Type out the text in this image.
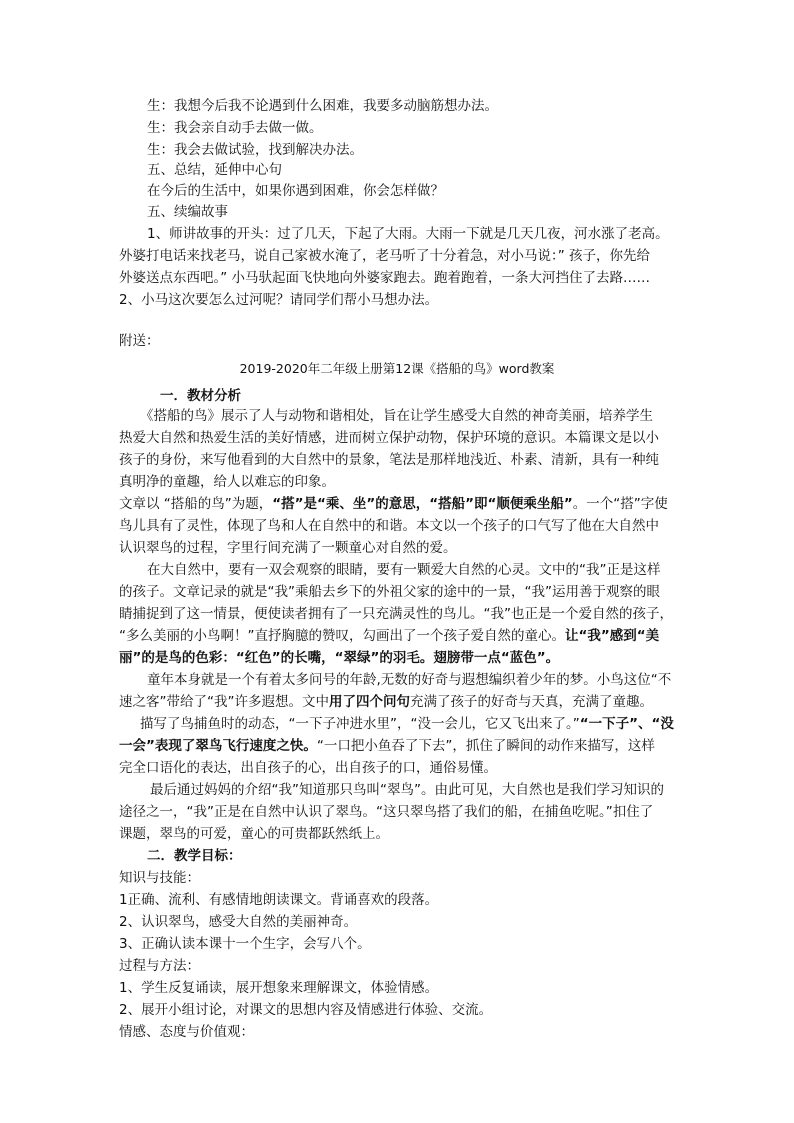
生：我想今后我不论遇到什么困难，我要多动脑筋想办法。
生：我会亲自动手去做一做。
生：我会去做试验，找到解决办法。
五、总结，延伸中心句
在今后的生活中，如果你遇到困难，你会怎样做？
五、续编故事
1、师讲故事的开头：过了几天，下起了大雨。大雨一下就是几天几夜，河水涨了老高。
外婆打电话来找老马，说自己家被水淹了，老马听了十分着急，对小马说：” 孩子，你先给
外婆送点东西吧。” 小马驮起面飞快地向外婆家跑去。跑着跑着，一条大河挡住了去路……
2、小马这次要怎么过河呢？请同学们帮小马想办法。
附送：
2019-2020年二年级上册第12课《搭船的鸟》word教案
一．教材分析
《搭船的鸟》展示了人与动物和谐相处，旨在让学生感受大自然的神奇美丽，培养学生
热爱大自然和热爱生活的美好情感，进而树立保护动物，保护环境的意识。本篇课文是以小
孩子的身份，来写他看到的大自然中的景象，笔法是那样地浅近、朴素、清新，具有一种纯
真明净的童趣，给人以难忘的印象。
文章以 “搭船的鸟”为题，“搭”是“乘、坐”的意思，“搭船”即“顺便乘坐船”。一个“搭”字使
鸟儿具有了灵性，体现了鸟和人在自然中的和谐。本文以一个孩子的口气写了他在大自然中
认识翠鸟的过程，字里行间充满了一颗童心对自然的爱。
在大自然中，要有一双会观察的眼睛，要有一颗爱大自然的心灵。文中的“我”正是这样
的孩子。文章记录的就是“我”乘船去乡下的外祖父家的途中的一景，“我”运用善于观察的眼
睛捕捉到了这一情景，便使读者拥有了一只充满灵性的鸟儿。“我”也正是一个爱自然的孩子，
“多么美丽的小鸟啊！”直抒胸臆的赞叹，勾画出了一个孩子爱自然的童心。让“我”感到“美
丽”的是鸟的色彩：“红色”的长嘴，“翠绿”的羽毛。翅膀带一点“蓝色”。
童年本身就是一个有着太多问号的年龄,无数的好奇与遐想编织着少年的梦。小鸟这位“不
速之客”带给了“我”许多遐想。文中用了四个问句充满了孩子的好奇与天真，充满了童趣。
描写了鸟捕鱼时的动态，“一下子冲进水里”，“没一会儿，它又飞出来了。”“一下子”、“没
一会”表现了翠鸟飞行速度之快。“一口把小鱼吞了下去”，抓住了瞬间的动作来描写，这样
完全口语化的表达，出自孩子的心，出自孩子的口，通俗易懂。
最后通过妈妈的介绍“我”知道那只鸟叫“翠鸟”。由此可见，大自然也是我们学习知识的
途径之一，“我”正是在自然中认识了翠鸟。“这只翠鸟搭了我们的船，在捕鱼吃呢。”扣住了
课题，翠鸟的可爱，童心的可贵都跃然纸上。
二．教学目标：
知识与技能：
1正确、流利、有感情地朗读课文。背诵喜欢的段落。
2、认识翠鸟，感受大自然的美丽神奇。
3、正确认读本课十一个生字，会写八个。
过程与方法：
1、学生反复诵读，展开想象来理解课文，体验情感。
2、展开小组讨论，对课文的思想内容及情感进行体验、交流。
情感、态度与价值观：
